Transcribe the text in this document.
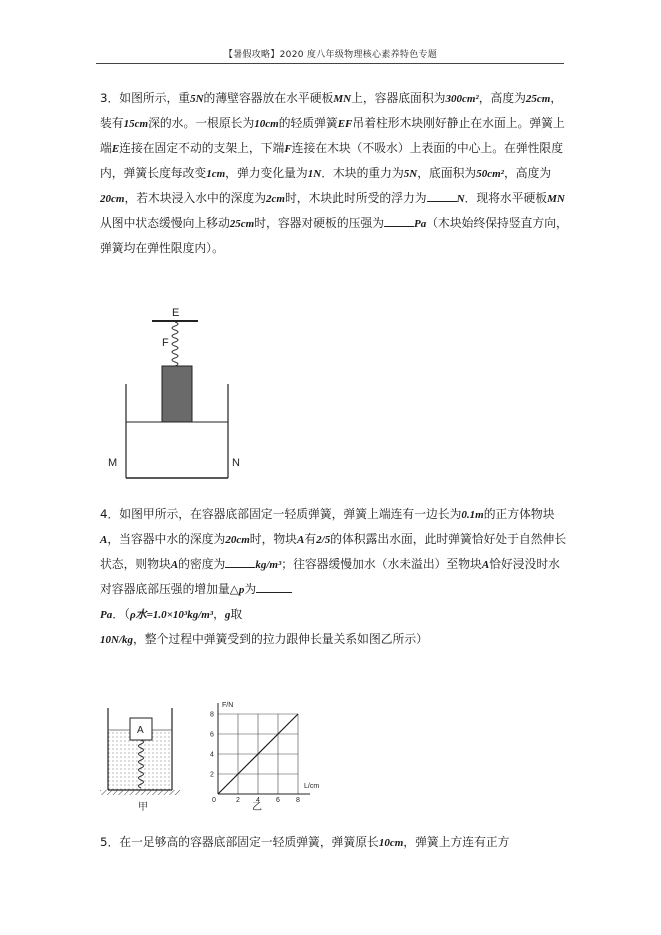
【暑假攻略】2020 度八年级物理核心素养特色专题
3．如图所示，重5N的薄壁容器放在水平硬板MN上，容器底面积为300cm²，高度为25cm，装有15cm深的水。一根原长为10cm的轻质弹簧EF吊着柱形木块刚好静止在水面上。弹簧上端E连接在固定不动的支架上，下端F连接在木块（不吸水）上表面的中心上。在弹性限度内，弹簧长度每改变1cm，弹力变化量为1N．木块的重力为5N，底面积为50cm²，高度为20cm，若木块浸入水中的深度为2cm时，木块此时所受的浮力为	N．现将水平硬板MN从图中状态缓慢向上移动25cm时，容器对硬板的压强为	Pa（木块始终保持竖直方向，弹簧均在弹性限度内）。
E
F
M	N
4．如图甲所示，在容器底部固定一轻质弹簧，弹簧上端连有一边长为0.1m的正方体物块A，当容器中水的深度为20cm时，物块A有2/5的体积露出水面，此时弹簧恰好处于自然伸长状态，则物块A的密度为	kg/m³；往容器缓慢加水（水未溢出）至物块A恰好浸没时水对容器底部压强的增加量△p为
Pa．（ρ水=1.0×10³kg/m³，g取10N/kg，整个过程中弹簧受到的拉力跟伸长量关系如图乙所示）
A
甲
F/N
L/cm
0
2
4
6
8
2 4 6 8
乙
5．在一足够高的容器底部固定一轻质弹簧，弹簧原长10cm，弹簧上方连有正方
